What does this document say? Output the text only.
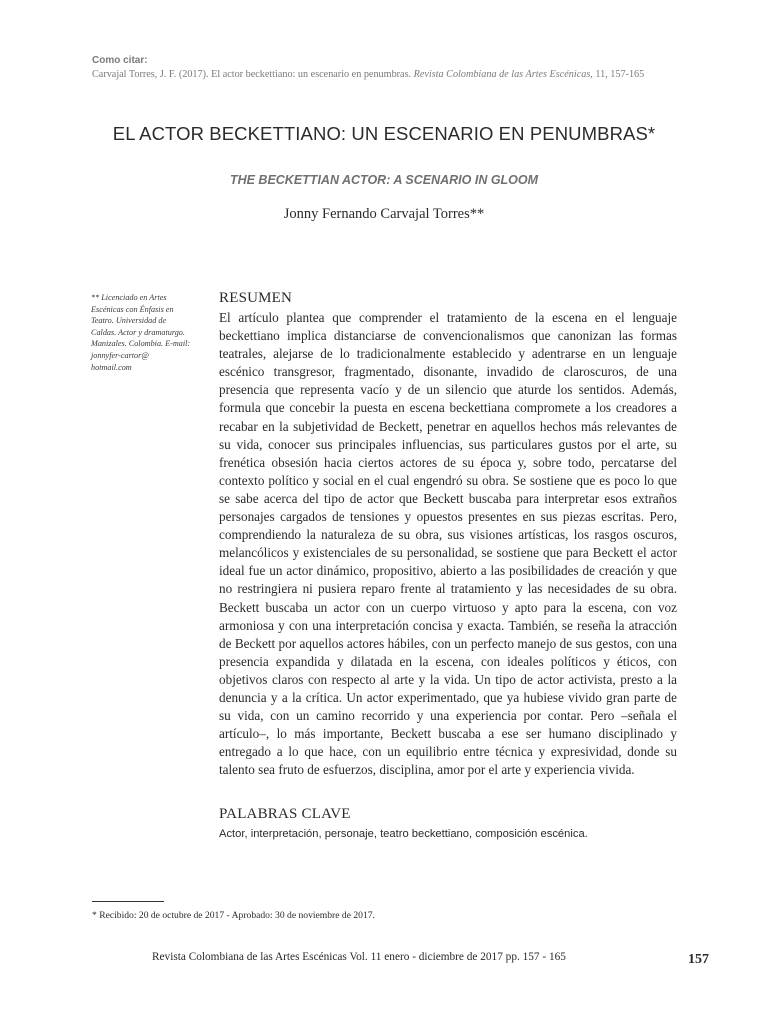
Como citar:
Carvajal Torres, J. F. (2017). El actor beckettiano: un escenario en penumbras. Revista Colombiana de las Artes Escénicas, 11, 157-165
EL ACTOR BECKETTIANO: UN ESCENARIO EN PENUMBRAS*
THE BECKETTIAN ACTOR: A SCENARIO IN GLOOM
Jonny Fernando Carvajal Torres**
** Licenciado en Artes Escénicas con Énfasis en Teatro. Universidad de Caldas. Actor y dramaturgo. Manizales. Colombia. E-mail: jonnyfer-cartor@ hotmail.com
RESUMEN
El artículo plantea que comprender el tratamiento de la escena en el lenguaje beckettiano implica distanciarse de convencionalismos que canonizan las formas teatrales, alejarse de lo tradicionalmente establecido y adentrarse en un lenguaje escénico transgresor, fragmentado, disonante, invadido de claroscuros, de una presencia que representa vacío y de un silencio que aturde los sentidos. Además, formula que concebir la puesta en escena beckettiana compromete a los creadores a recabar en la subjetividad de Beckett, penetrar en aquellos hechos más relevantes de su vida, conocer sus principales influencias, sus particulares gustos por el arte, su frenética obsesión hacia ciertos actores de su época y, sobre todo, percatarse del contexto político y social en el cual engendró su obra. Se sostiene que es poco lo que se sabe acerca del tipo de actor que Beckett buscaba para interpretar esos extraños personajes cargados de tensiones y opuestos presentes en sus piezas escritas. Pero, comprendiendo la naturaleza de su obra, sus visiones artísticas, los rasgos oscuros, melancólicos y existenciales de su personalidad, se sostiene que para Beckett el actor ideal fue un actor dinámico, propositivo, abierto a las posibilidades de creación y que no restringiera ni pusiera reparo frente al tratamiento y las necesidades de su obra. Beckett buscaba un actor con un cuerpo virtuoso y apto para la escena, con voz armoniosa y con una interpretación concisa y exacta. También, se reseña la atracción de Beckett por aquellos actores hábiles, con un perfecto manejo de sus gestos, con una presencia expandida y dilatada en la escena, con ideales políticos y éticos, con objetivos claros con respecto al arte y la vida. Un tipo de actor activista, presto a la denuncia y a la crítica. Un actor experimentado, que ya hubiese vivido gran parte de su vida, con un camino recorrido y una experiencia por contar. Pero –señala el artículo–, lo más importante, Beckett buscaba a ese ser humano disciplinado y entregado a lo que hace, con un equilibrio entre técnica y expresividad, donde su talento sea fruto de esfuerzos, disciplina, amor por el arte y experiencia vivida.
PALABRAS CLAVE
Actor, interpretación, personaje, teatro beckettiano, composición escénica.
* Recibido: 20 de octubre de 2017 - Aprobado: 30 de noviembre de 2017.
Revista Colombiana de las Artes Escénicas Vol. 11 enero - diciembre de 2017 pp. 157 - 165	157
